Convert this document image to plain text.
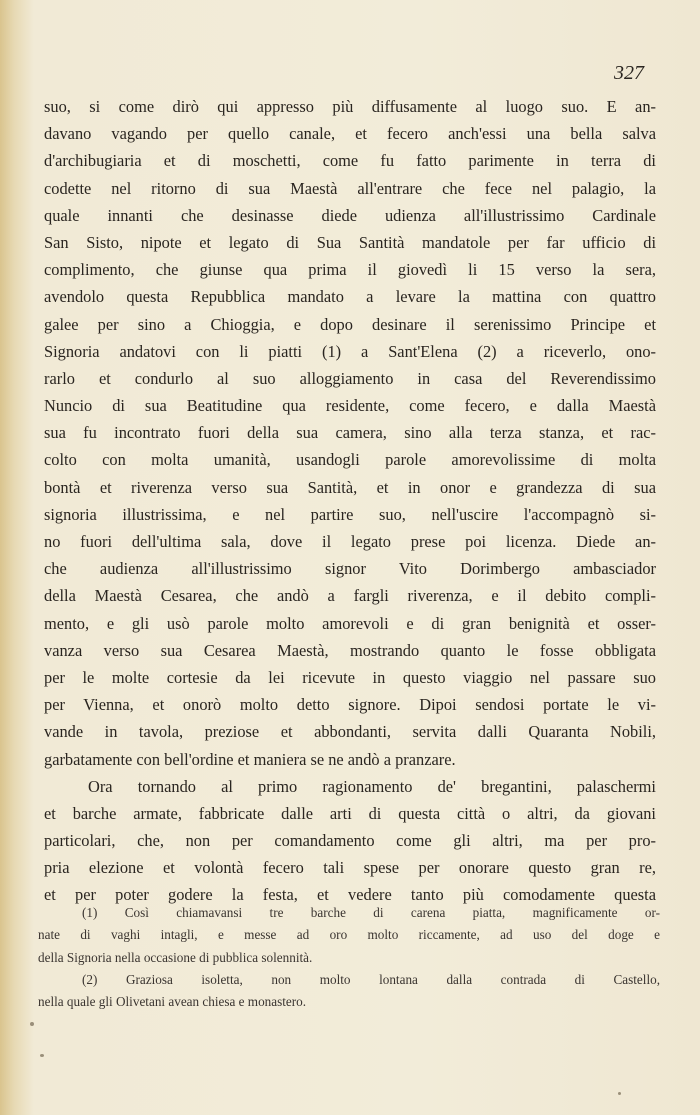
327

suo, si come dirò qui appresso più diffusamente al luogo suo. E an-
davano vagando per quello canale, et fecero anch'essi una bella salva
d'archibugiaria et di moschetti, come fu fatto parimente in terra di
codette nel ritorno di sua Maestà all'entrare che fece nel palagio, la
quale innanti che desinasse diede udienza all'illustrissimo Cardinale
San Sisto, nipote et legato di Sua Santità mandatole per far ufficio di
complimento, che giunse qua prima il giovedì li 15 verso la sera,
avendolo questa Repubblica mandato a levare la mattina con quattro
galee per sino a Chioggia, e dopo desinare il serenissimo Principe et
Signoria andatovi con li piatti (1) a Sant'Elena (2) a riceverlo, ono-
rarlo et condurlo al suo alloggiamento in casa del Reverendissimo
Nuncio di sua Beatitudine qua residente, come fecero, e dalla Maestà
sua fu incontrato fuori della sua camera, sino alla terza stanza, et rac-
colto con molta umanità, usandogli parole amorevolissime di molta
bontà et riverenza verso sua Santità, et in onor e grandezza di sua
signoria illustrissima, e nel partire suo, nell'uscire l'accompagnò si-
no fuori dell'ultima sala, dove il legato prese poi licenza. Diede an-
che audienza all'illustrissimo signor Vito Dorimbergo ambasciador
della Maestà Cesarea, che andò a fargli riverenza, e il debito compli-
mento, e gli usò parole molto amorevoli e di gran benignità et osser-
vanza verso sua Cesarea Maestà, mostrando quanto le fosse obbligata
per le molte cortesie da lei ricevute in questo viaggio nel passare suo
per Vienna, et onorò molto detto signore. Dipoi sendosi portate le vi-
vande in tavola, preziose et abbondanti, servita dalli Quaranta Nobili,
garbatamente con bell'ordine et maniera se ne andò a pranzare.
Ora tornando al primo ragionamento de' bregantini, palaschermi
et barche armate, fabbricate dalle arti di questa città o altri, da giovani
particolari, che, non per comandamento come gli altri, ma per pro-
pria elezione et volontà fecero tali spese per onorare questo gran re,
et per poter godere la festa, et vedere tanto più comodamente questa
(1) Così chiamavansi tre barche di carena piatta, magnificamente or-
nate di vaghi intagli, e messe ad oro molto riccamente, ad uso del doge e
della Signoria nella occasione di pubblica solennità.
(2) Graziosa isoletta, non molto lontana dalla contrada di Castello,
nella quale gli Olivetani avean chiesa e monastero.
